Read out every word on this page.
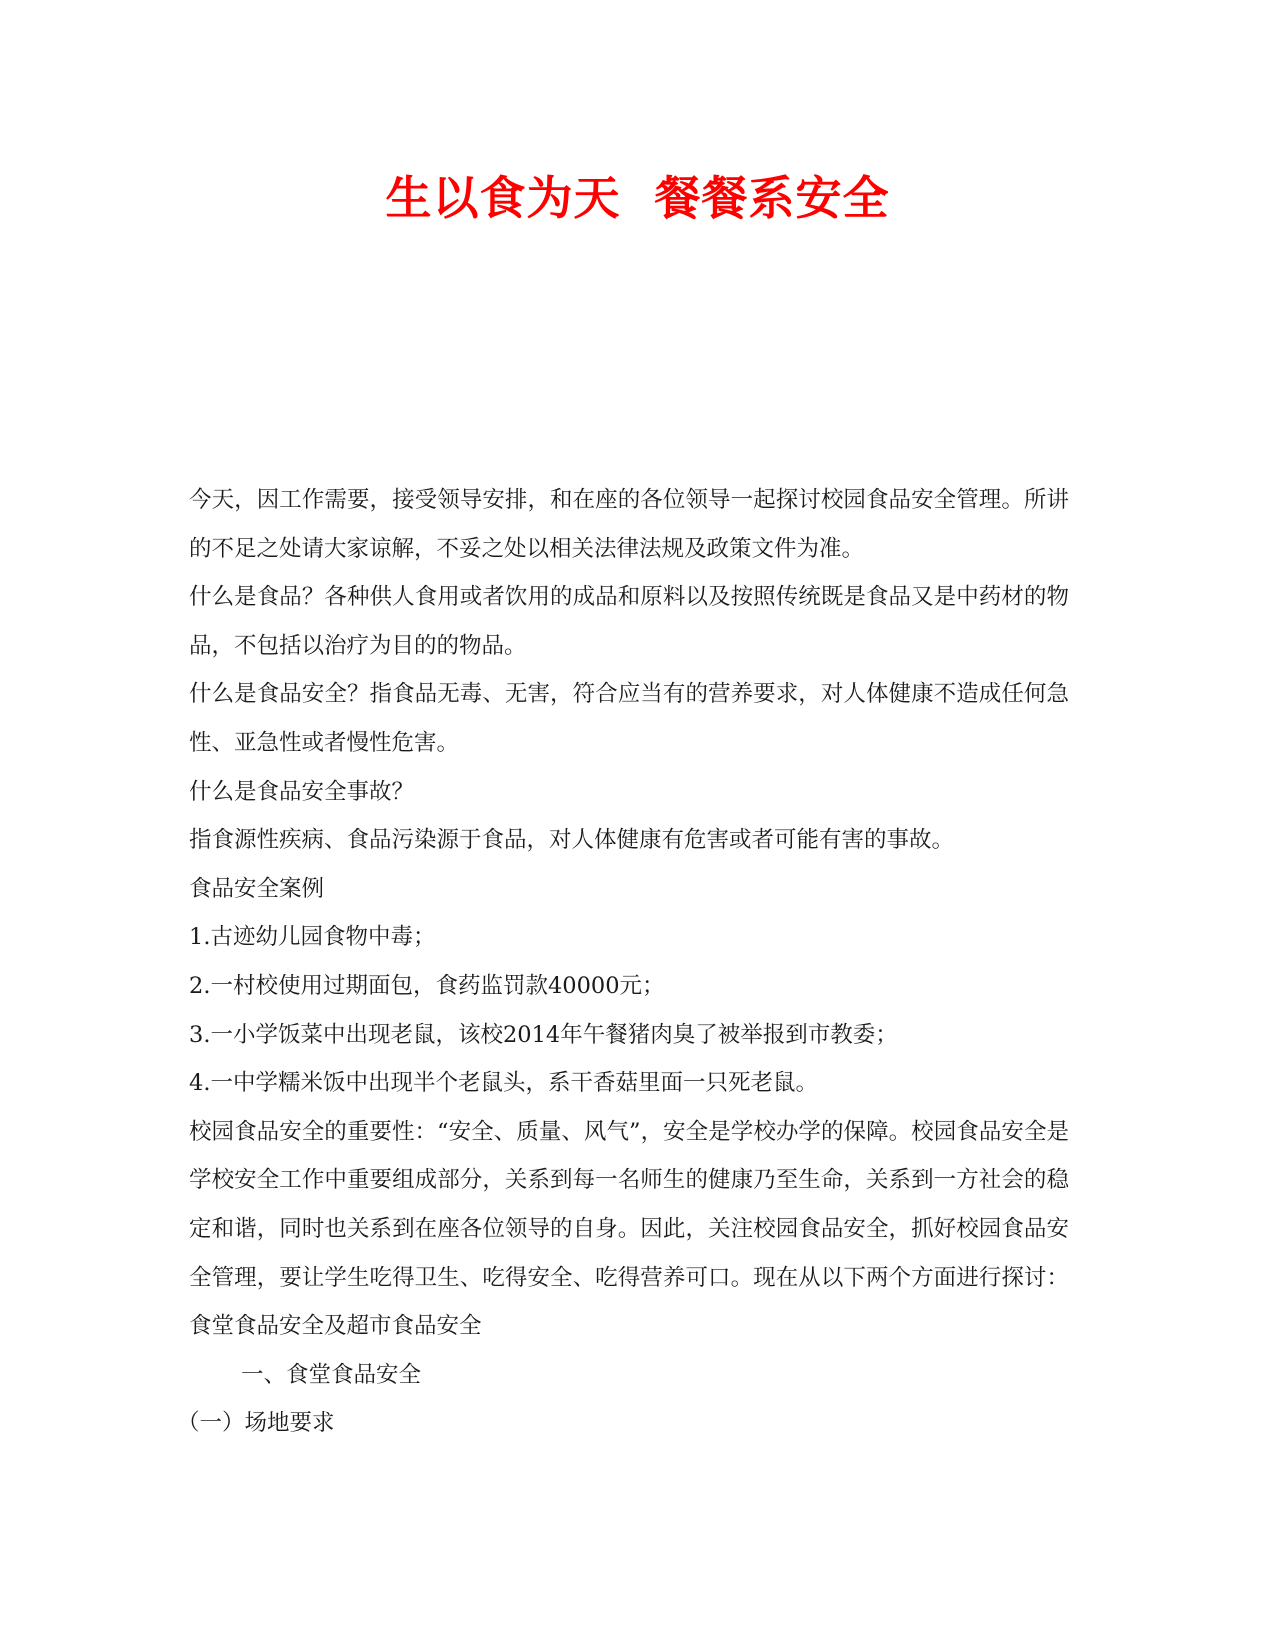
生以食为天  餐餐系安全

今天，因工作需要，接受领导安排，和在座的各位领导一起探讨校园食品安全管理。所讲的不足之处请大家谅解，不妥之处以相关法律法规及政策文件为准。

什么是食品？各种供人食用或者饮用的成品和原料以及按照传统既是食品又是中药材的物品，不包括以治疗为目的的物品。

什么是食品安全？指食品无毒、无害，符合应当有的营养要求，对人体健康不造成任何急性、亚急性或者慢性危害。

什么是食品安全事故？

指食源性疾病、食品污染源于食品，对人体健康有危害或者可能有害的事故。

食品安全案例

1.古迹幼儿园食物中毒；

2.一村校使用过期面包，食药监罚款40000元；

3.一小学饭菜中出现老鼠，该校2014年午餐猪肉臭了被举报到市教委；

4.一中学糯米饭中出现半个老鼠头，系干香菇里面一只死老鼠。

校园食品安全的重要性：“安全、质量、风气”，安全是学校办学的保障。校园食品安全是学校安全工作中重要组成部分，关系到每一名师生的健康乃至生命，关系到一方社会的稳定和谐，同时也关系到在座各位领导的自身。因此，关注校园食品安全，抓好校园食品安全管理，要让学生吃得卫生、吃得安全、吃得营养可口。现在从以下两个方面进行探讨：食堂食品安全及超市食品安全

一、食堂食品安全

（一）场地要求
